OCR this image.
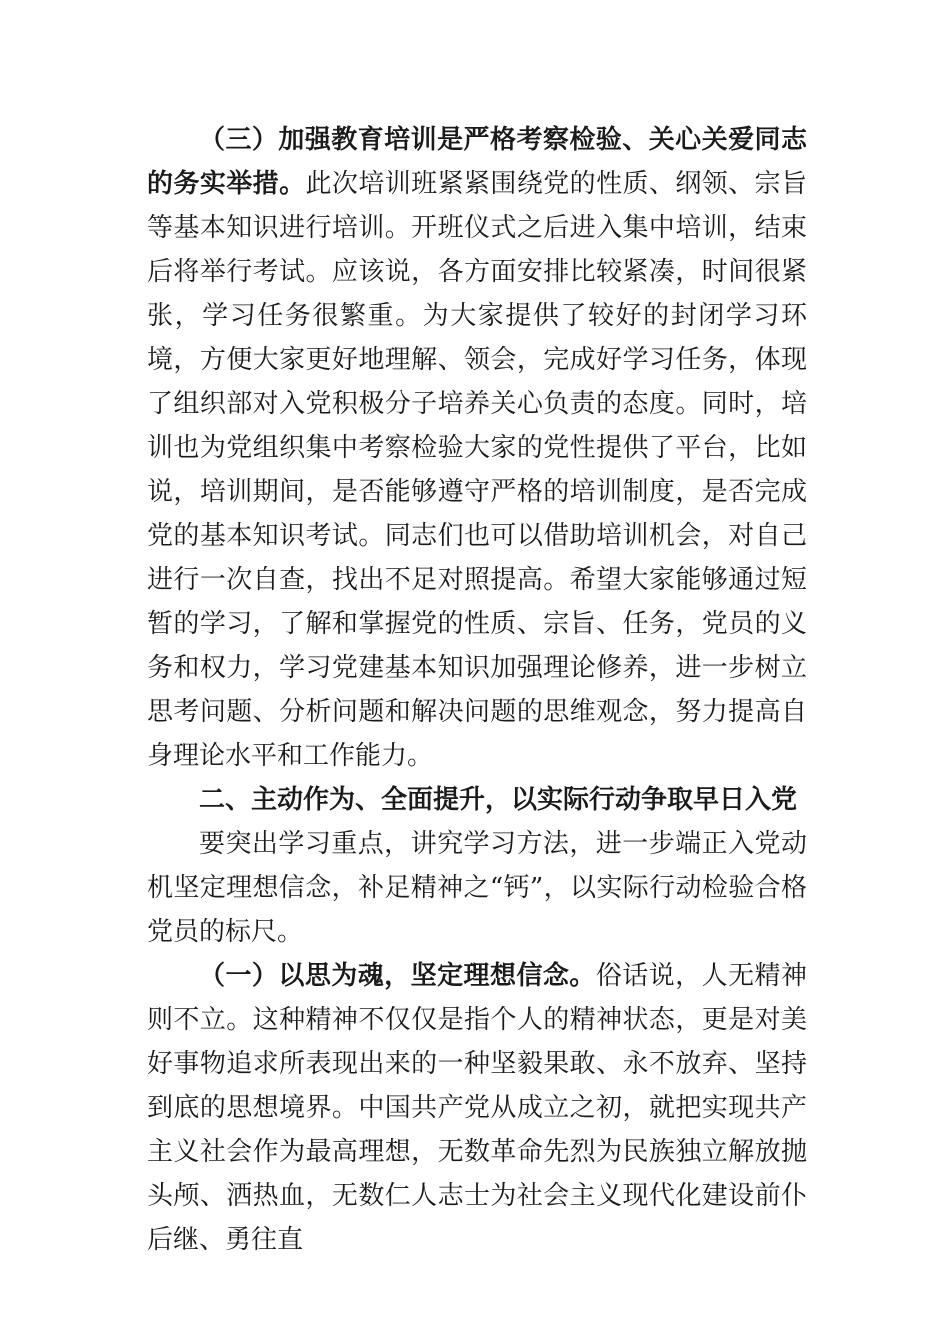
（三）加强教育培训是严格考察检验、关心关爱同志的务实举措。此次培训班紧紧围绕党的性质、纲领、宗旨等基本知识进行培训。开班仪式之后进入集中培训，结束后将举行考试。应该说，各方面安排比较紧凑，时间很紧张，学习任务很繁重。为大家提供了较好的封闭学习环境，方便大家更好地理解、领会，完成好学习任务，体现了组织部对入党积极分子培养关心负责的态度。同时，培训也为党组织集中考察检验大家的党性提供了平台，比如说，培训期间，是否能够遵守严格的培训制度，是否完成党的基本知识考试。同志们也可以借助培训机会，对自己进行一次自查，找出不足对照提高。希望大家能够通过短暂的学习，了解和掌握党的性质、宗旨、任务，党员的义务和权力，学习党建基本知识加强理论修养，进一步树立思考问题、分析问题和解决问题的思维观念，努力提高自身理论水平和工作能力。

二、主动作为、全面提升，以实际行动争取早日入党

要突出学习重点，讲究学习方法，进一步端正入党动机坚定理想信念，补足精神之“钙”，以实际行动检验合格党员的标尺。

（一）以思为魂，坚定理想信念。俗话说，人无精神则不立。这种精神不仅仅是指个人的精神状态，更是对美好事物追求所表现出来的一种坚毅果敢、永不放弃、坚持到底的思想境界。中国共产党从成立之初，就把实现共产主义社会作为最高理想，无数革命先烈为民族独立解放抛头颅、洒热血，无数仁人志士为社会主义现代化建设前仆后继、勇往直
